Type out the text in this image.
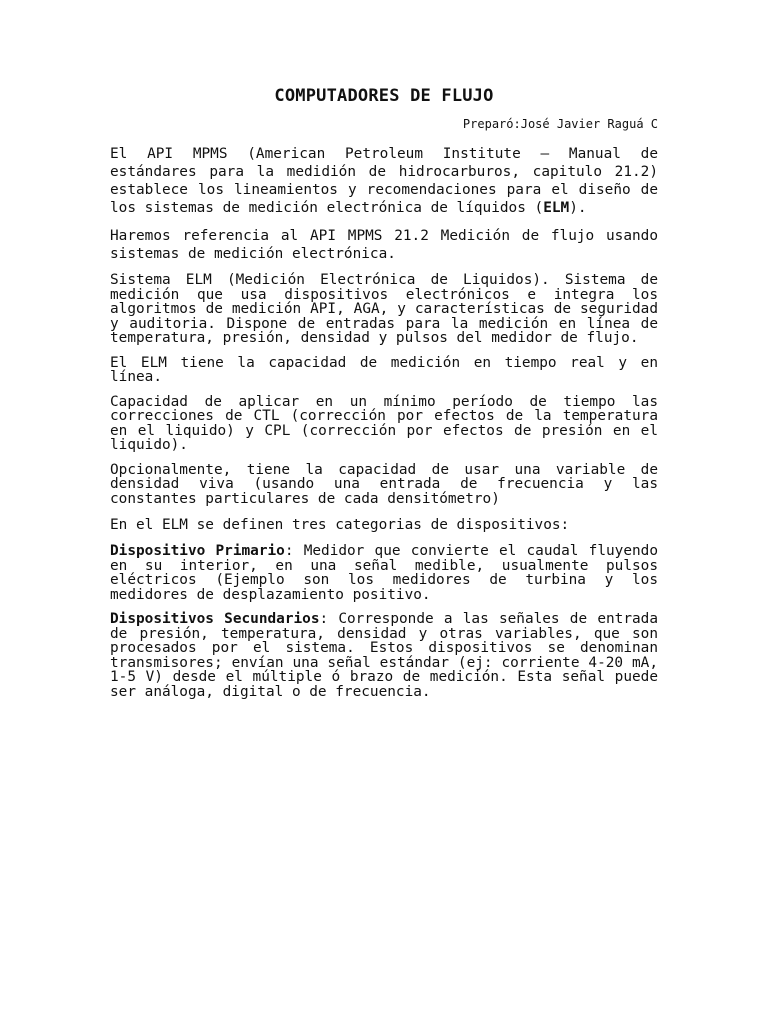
COMPUTADORES DE FLUJO
Preparó:José Javier Raguá C

El API MPMS (American Petroleum Institute – Manual de estándares para la medidión de hidrocarburos, capitulo 21.2) establece los lineamientos y recomendaciones para el diseño de los sistemas de medición electrónica de líquidos (ELM).

Haremos referencia al API MPMS 21.2 Medición de flujo usando sistemas de medición electrónica.

Sistema ELM (Medición Electrónica de Liquidos). Sistema de medición que usa dispositivos electrónicos e integra los algoritmos de medición API, AGA, y características de seguridad y auditoria. Dispone de entradas para la medición en línea de temperatura, presión, densidad y pulsos del medidor de flujo.

El ELM tiene la capacidad de medición en tiempo real y en línea.

Capacidad de aplicar en un mínimo período de tiempo las correcciones de CTL (corrección por efectos de la temperatura en el liquido) y CPL (corrección por efectos de presión en el liquido).

Opcionalmente, tiene la capacidad de usar una variable de densidad viva (usando una entrada de frecuencia y las constantes particulares de cada densitómetro)

En el ELM se definen tres categorias de dispositivos:

Dispositivo Primario: Medidor que convierte el caudal fluyendo en su interior, en una señal medible, usualmente pulsos eléctricos (Ejemplo son los medidores de turbina y los medidores de desplazamiento positivo.

Dispositivos Secundarios: Corresponde a las señales de entrada de presión, temperatura, densidad y otras variables, que son procesados por el sistema. Estos dispositivos se denominan transmisores; envían una señal estándar (ej: corriente 4-20 mA, 1-5 V) desde el múltiple ó brazo de medición. Esta señal puede ser análoga, digital o de frecuencia.
